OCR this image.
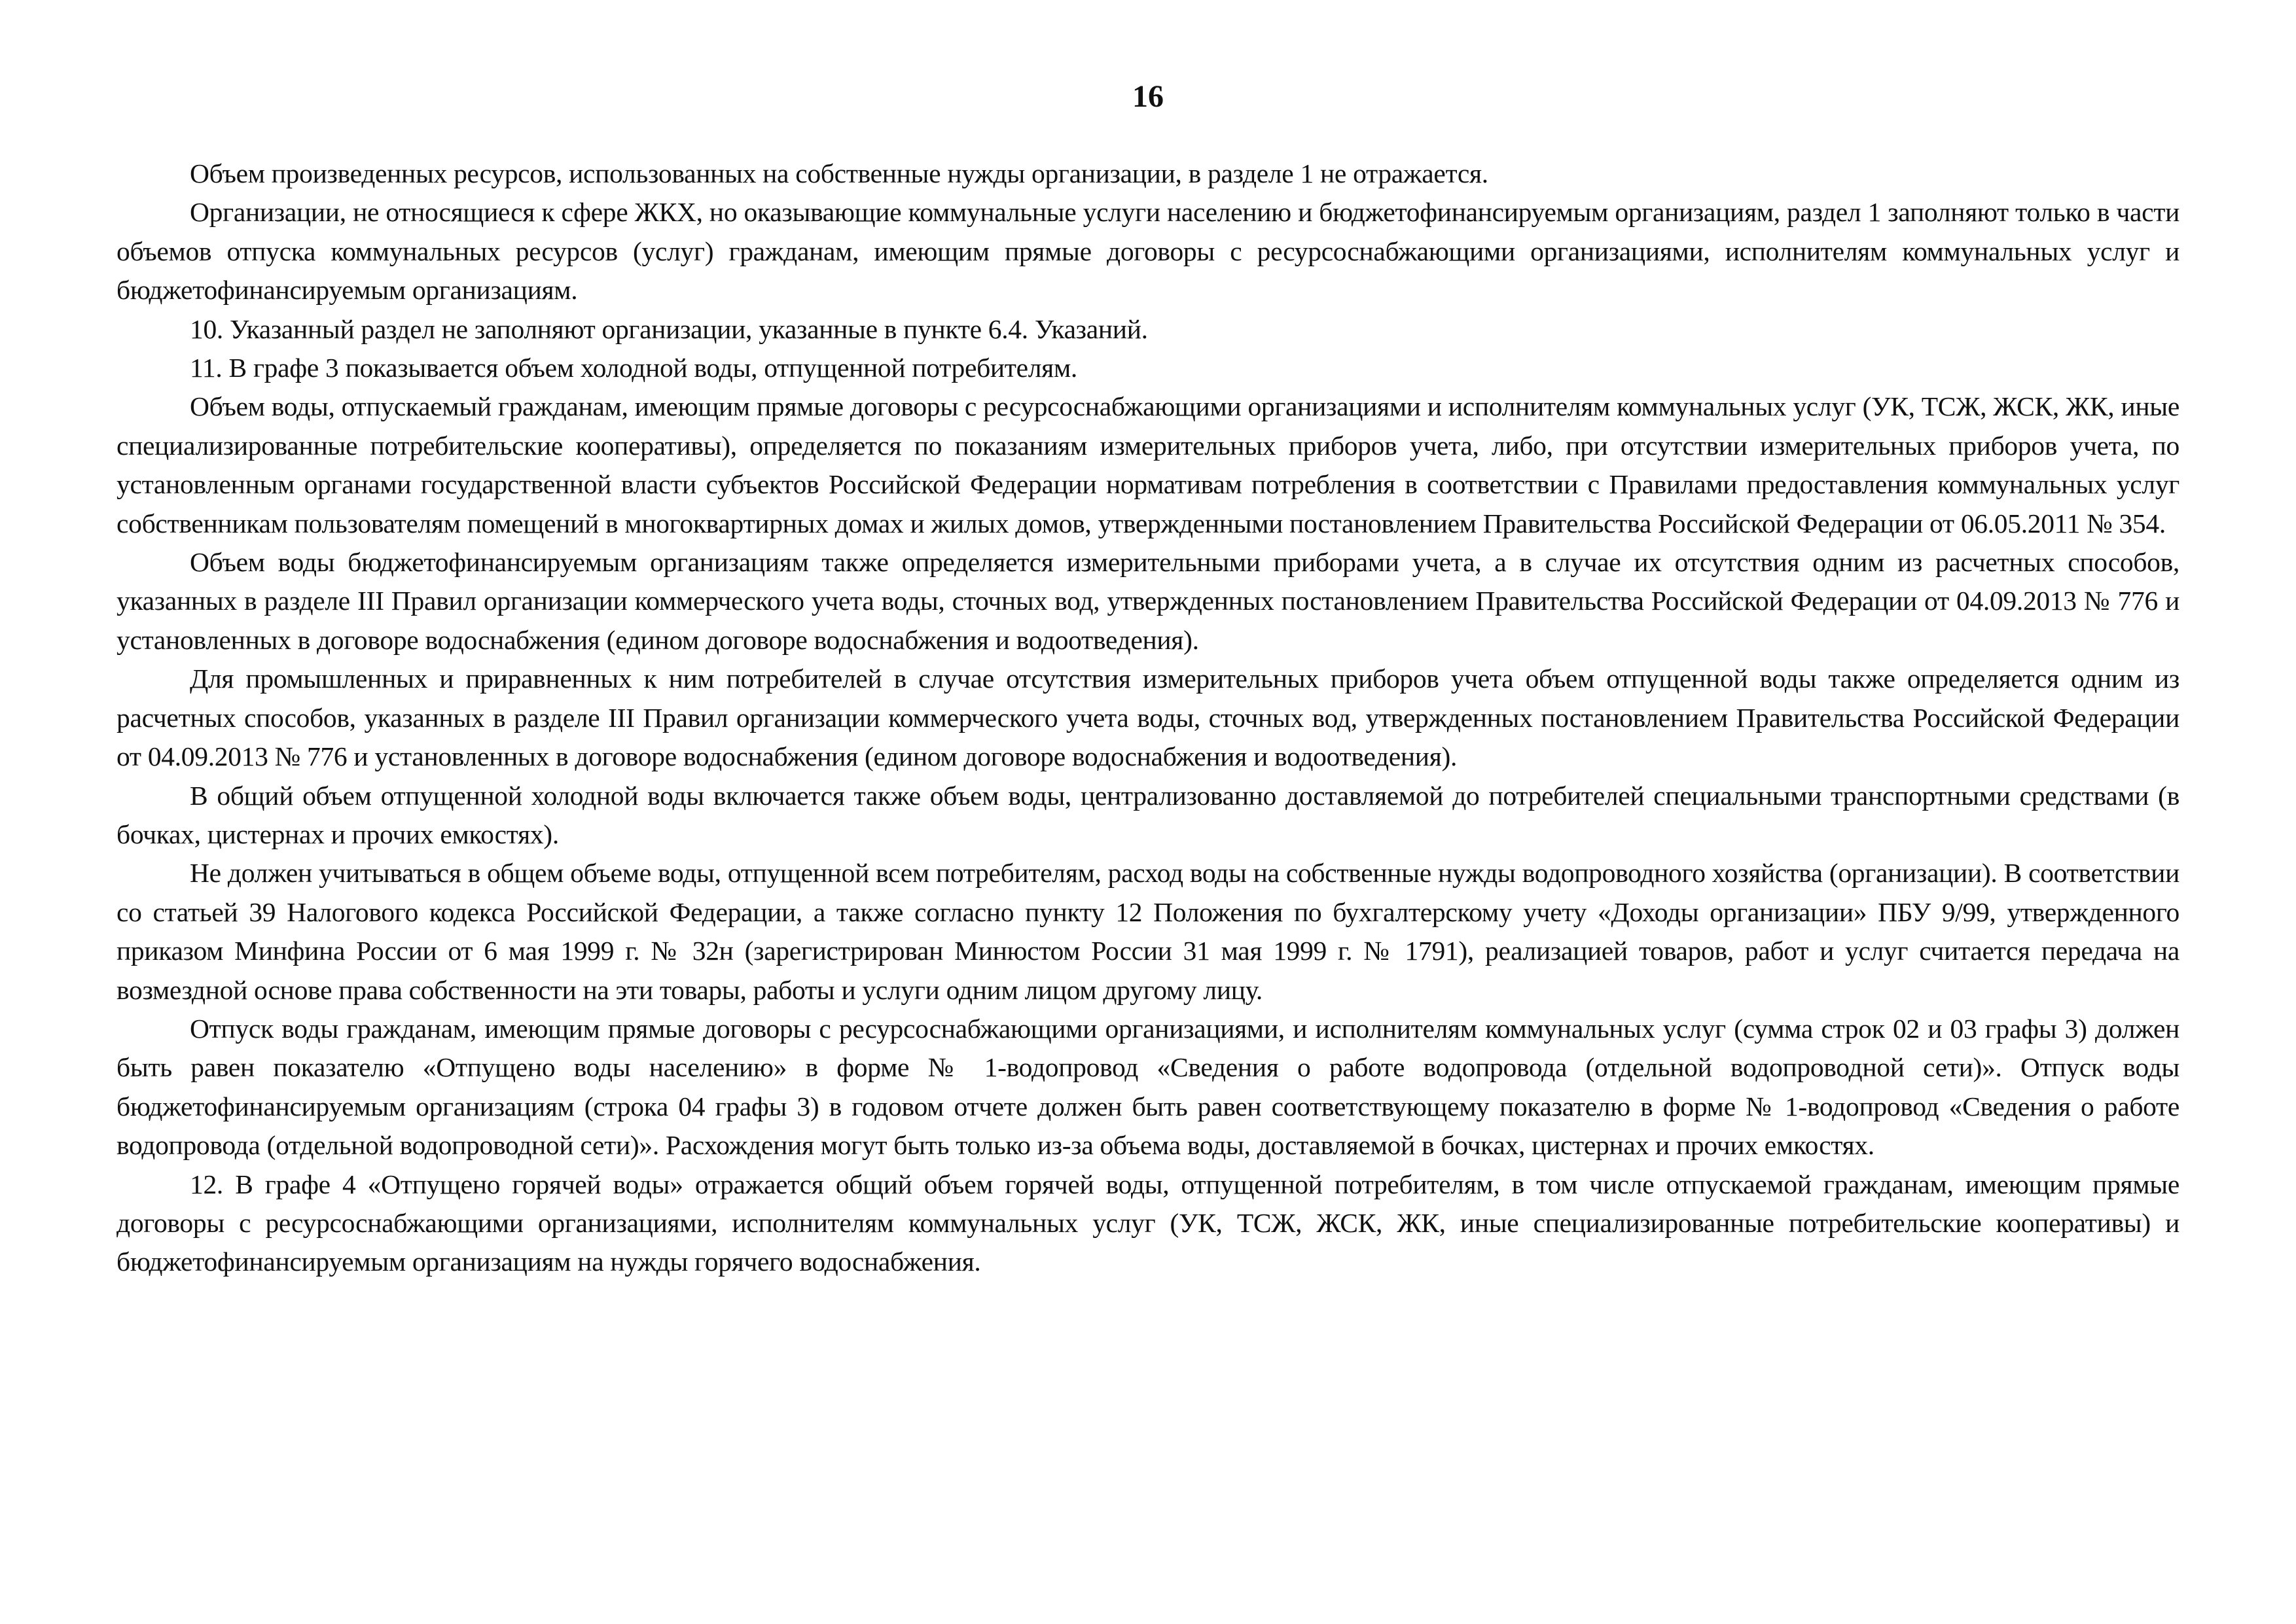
16

Объем произведенных ресурсов, использованных на собственные нужды организации, в разделе 1 не отражается.

Организации, не относящиеся к сфере ЖКХ, но оказывающие коммунальные услуги населению и бюджетофинансируемым организациям, раздел 1 заполняют только в части объемов отпуска коммунальных ресурсов (услуг) гражданам, имеющим прямые договоры с ресурсоснабжающими организациями, исполнителям коммунальных услуг и бюджетофинансируемым организациям.

10. Указанный раздел не заполняют организации, указанные в пункте 6.4. Указаний.

11. В графе 3 показывается объем холодной воды, отпущенной потребителям.

Объем воды, отпускаемый гражданам, имеющим прямые договоры с ресурсоснабжающими организациями и исполнителям коммунальных услуг (УК, ТСЖ, ЖСК, ЖК, иные специализированные потребительские кооперативы), определяется по показаниям измерительных приборов учета, либо, при отсутствии измерительных приборов учета, по установленным органами государственной власти субъектов Российской Федерации нормативам потребления в соответствии с Правилами предоставления коммунальных услуг собственникам пользователям помещений в многоквартирных домах и жилых домов, утвержденными постановлением Правительства Российской Федерации от 06.05.2011 № 354.

Объем воды бюджетофинансируемым организациям также определяется измерительными приборами учета, а в случае их отсутствия одним из расчетных способов, указанных в разделе III Правил организации коммерческого учета воды, сточных вод, утвержденных постановлением Правительства Российской Федерации от 04.09.2013 № 776 и установленных в договоре водоснабжения (едином договоре водоснабжения и водоотведения).

Для промышленных и приравненных к ним потребителей в случае отсутствия измерительных приборов учета объем отпущенной воды также определяется одним из расчетных способов, указанных в разделе III Правил организации коммерческого учета воды, сточных вод, утвержденных постановлением Правительства Российской Федерации от 04.09.2013 № 776 и установленных в договоре водоснабжения (едином договоре водоснабжения и водоотведения).

В общий объем отпущенной холодной воды включается также объем воды, централизованно доставляемой до потребителей специальными транспортными средствами (в бочках, цистернах и прочих емкостях).

Не должен учитываться в общем объеме воды, отпущенной всем потребителям, расход воды на собственные нужды водопроводного хозяйства (организации). В соответствии со статьей 39 Налогового кодекса Российской Федерации, а также согласно пункту 12 Положения по бухгалтерскому учету «Доходы организации» ПБУ 9/99, утвержденного приказом Минфина России от 6 мая 1999 г. № 32н (зарегистрирован Минюстом России 31 мая 1999 г. № 1791), реализацией товаров, работ и услуг считается передача на возмездной основе права собственности на эти товары, работы и услуги одним лицом другому лицу.

Отпуск воды гражданам, имеющим прямые договоры с ресурсоснабжающими организациями, и исполнителям коммунальных услуг (сумма строк 02 и 03 графы 3) должен быть равен показателю «Отпущено воды населению» в форме № 1-водопровод «Сведения о работе водопровода (отдельной водопроводной сети)». Отпуск воды бюджетофинансируемым организациям (строка 04 графы 3) в годовом отчете должен быть равен соответствующему показателю в форме № 1-водопровод «Сведения о работе водопровода (отдельной водопроводной сети)». Расхождения могут быть только из-за объема воды, доставляемой в бочках, цистернах и прочих емкостях.

12. В графе 4 «Отпущено горячей воды» отражается общий объем горячей воды, отпущенной потребителям, в том числе отпускаемой гражданам, имеющим прямые договоры с ресурсоснабжающими организациями, исполнителям коммунальных услуг (УК, ТСЖ, ЖСК, ЖК, иные специализированные потребительские кооперативы) и бюджетофинансируемым организациям на нужды горячего водоснабжения.
